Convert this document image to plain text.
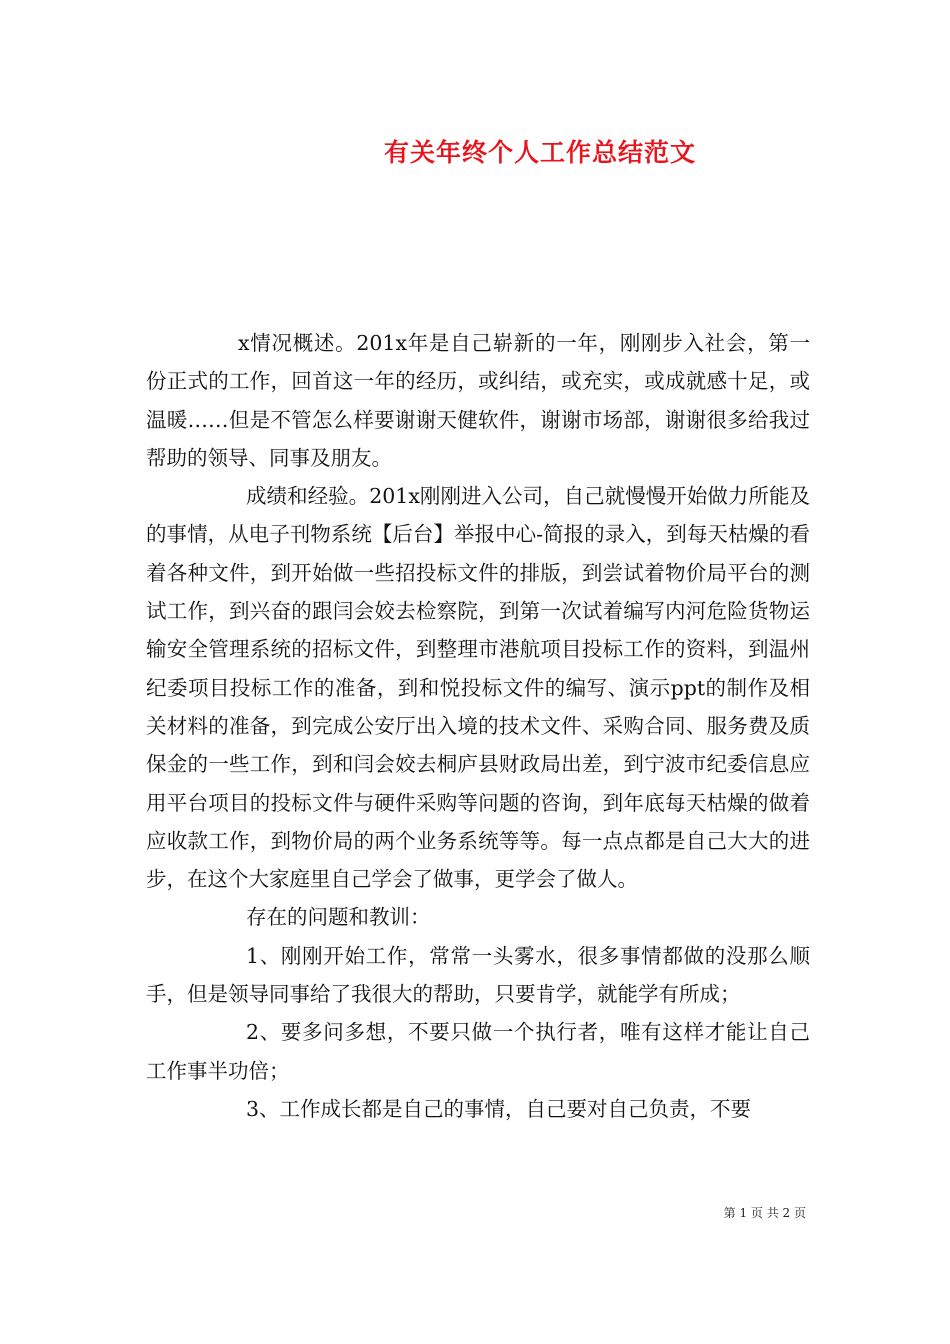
有关年终个人工作总结范文

x情况概述。201x年是自己崭新的一年，刚刚步入社会，第一份正式的工作，回首这一年的经历，或纠结，或充实，或成就感十足，或温暖……但是不管怎么样要谢谢天健软件，谢谢市场部，谢谢很多给我过帮助的领导、同事及朋友。

成绩和经验。201x刚刚进入公司，自己就慢慢开始做力所能及的事情，从电子刊物系统【后台】举报中心-简报的录入，到每天枯燥的看着各种文件，到开始做一些招投标文件的排版，到尝试着物价局平台的测试工作，到兴奋的跟闫会姣去检察院，到第一次试着编写内河危险货物运输安全管理系统的招标文件，到整理市港航项目投标工作的资料，到温州纪委项目投标工作的准备，到和悦投标文件的编写、演示ppt的制作及相关材料的准备，到完成公安厅出入境的技术文件、采购合同、服务费及质保金的一些工作，到和闫会姣去桐庐县财政局出差，到宁波市纪委信息应用平台项目的投标文件与硬件采购等问题的咨询，到年底每天枯燥的做着应收款工作，到物价局的两个业务系统等等。每一点点都是自己大大的进步，在这个大家庭里自己学会了做事，更学会了做人。

存在的问题和教训：

1、刚刚开始工作，常常一头雾水，很多事情都做的没那么顺手，但是领导同事给了我很大的帮助，只要肯学，就能学有所成；

2、要多问多想，不要只做一个执行者，唯有这样才能让自己工作事半功倍；

3、工作成长都是自己的事情，自己要对自己负责，不要

第 1 页 共 2 页
